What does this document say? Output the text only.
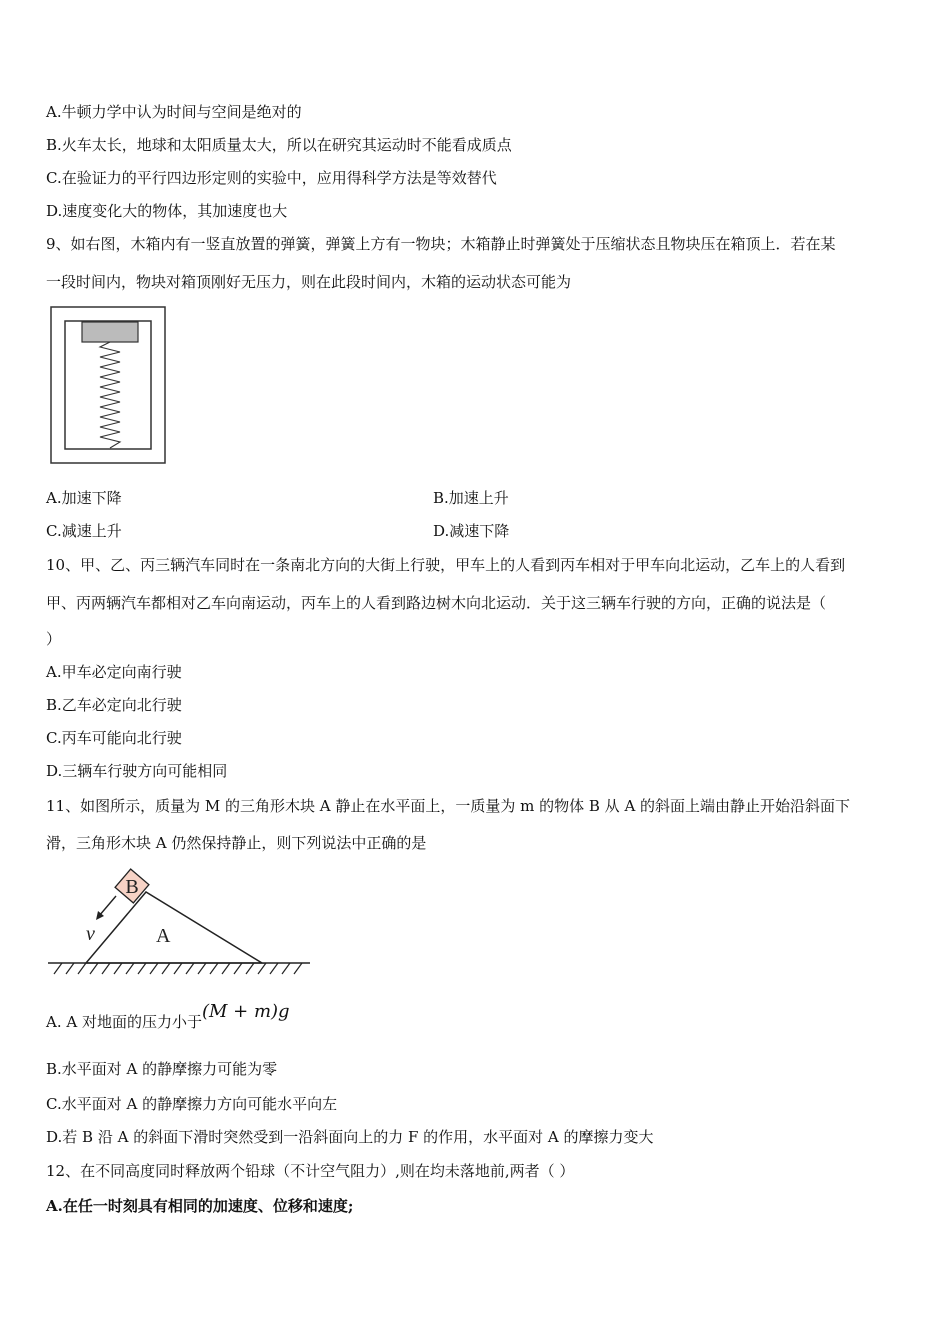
A.牛顿力学中认为时间与空间是绝对的
B.火车太长，地球和太阳质量太大，所以在研究其运动时不能看成质点
C.在验证力的平行四边形定则的实验中，应用得科学方法是等效替代
D.速度变化大的物体，其加速度也大
9、如右图，木箱内有一竖直放置的弹簧，弹簧上方有一物块；木箱静止时弹簧处于压缩状态且物块压在箱顶上．若在某
一段时间内，物块对箱顶刚好无压力，则在此段时间内，木箱的运动状态可能为
A.加速下降	B.加速上升
C.减速上升	D.减速下降
10、甲、乙、丙三辆汽车同时在一条南北方向的大街上行驶，甲车上的人看到丙车相对于甲车向北运动，乙车上的人看到
甲、丙两辆汽车都相对乙车向南运动，丙车上的人看到路边树木向北运动．关于这三辆车行驶的方向，正确的说法是（
）
A.甲车必定向南行驶
B.乙车必定向北行驶
C.丙车可能向北行驶
D.三辆车行驶方向可能相同
11、如图所示，质量为 M 的三角形木块 A 静止在水平面上，一质量为 m 的物体 B 从 A 的斜面上端由静止开始沿斜面下
滑，三角形木块 A 仍然保持静止，则下列说法中正确的是
B
v	A
A. A 对地面的压力小于(M + m)g
B.水平面对 A 的静摩擦力可能为零
C.水平面对 A 的静摩擦力方向可能水平向左
D.若 B 沿 A 的斜面下滑时突然受到一沿斜面向上的力 F 的作用，水平面对 A 的摩擦力变大
12、在不同高度同时释放两个铅球（不计空气阻力）,则在均未落地前,两者（ ）
A.在任一时刻具有相同的加速度、位移和速度;
